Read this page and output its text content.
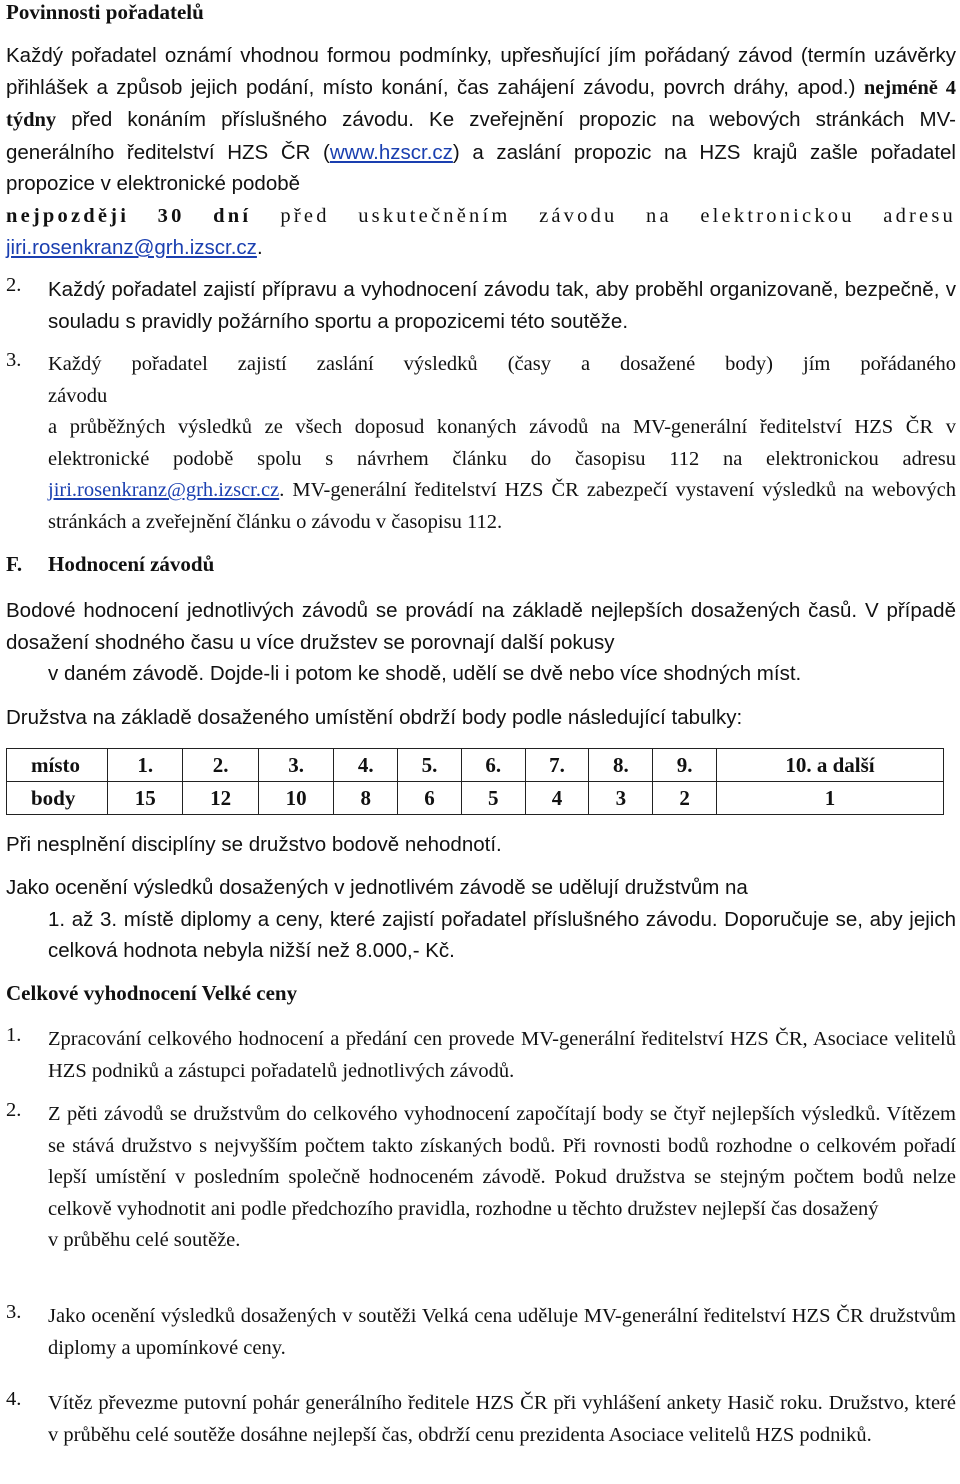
Povinnosti pořadatelů
Každý pořadatel oznámí vhodnou formou podmínky, upřesňující jím pořádaný závod (termín uzávěrky přihlášek a způsob jejich podání, místo konání, čas zahájení závodu, povrch dráhy, apod.) nejméně 4 týdny před konáním příslušného závodu. Ke zveřejnění propozic na webových stránkách MV-generálního ředitelství HZS ČR (www.hzscr.cz) a zaslání propozic na HZS krajů zašle pořadatel propozice v elektronické podobě
nejpozději 30 dní před uskutečněním závodu na elektronickou adresu
jiri.rosenkranz@grh.izscr.cz.
2. Každý pořadatel zajistí přípravu a vyhodnocení závodu tak, aby proběhl organizovaně, bezpečně, v souladu s pravidly požárního sportu a propozicemi této soutěže.
3. Každý pořadatel zajistí zaslání výsledků (časy a dosažené body) jím pořádaného
závodu
a průběžných výsledků ze všech doposud konaných závodů na MV-generální ředitelství HZS ČR v elektronické podobě spolu s návrhem článku do časopisu 112 na elektronickou adresu jiri.rosenkranz@grh.izscr.cz. MV-generální ředitelství HZS ČR zabezpečí vystavení výsledků na webových stránkách a zveřejnění článku o závodu v časopisu 112.
F. Hodnocení závodů
Bodové hodnocení jednotlivých závodů se provádí na základě nejlepších dosažených časů. V případě dosažení shodného času u více družstev se porovnají další pokusy
v daném závodě. Dojde-li i potom ke shodě, udělí se dvě nebo více shodných míst.
Družstva na základě dosaženého umístění obdrží body podle následující tabulky:
místo	1.	2.	3.	4.	5.	6.	7.	8.	9.	10. a další
body	15	12	10	8	6	5	4	3	2	1
Při nesplnění disciplíny se družstvo bodově nehodnotí.
Jako ocenění výsledků dosažených v jednotlivém závodě se udělují družstvům na
1. až 3. místě diplomy a ceny, které zajistí pořadatel příslušného závodu. Doporučuje se, aby jejich celková hodnota nebyla nižší než 8.000,- Kč.
Celkové vyhodnocení Velké ceny
1. Zpracování celkového hodnocení a předání cen provede MV-generální ředitelství HZS ČR, Asociace velitelů HZS podniků a zástupci pořadatelů jednotlivých závodů.
2. Z pěti závodů se družstvům do celkového vyhodnocení započítají body se čtyř nejlepších výsledků. Vítězem se stává družstvo s nejvyšším počtem takto získaných bodů. Při rovnosti bodů rozhodne o celkovém pořadí lepší umístění v posledním společně hodnoceném závodě. Pokud družstva se stejným počtem bodů nelze celkově vyhodnotit ani podle předchozího pravidla, rozhodne u těchto družstev nejlepší čas dosažený
v průběhu celé soutěže.
3. Jako ocenění výsledků dosažených v soutěži Velká cena uděluje MV-generální ředitelství HZS ČR družstvům diplomy a upomínkové ceny.
4. Vítěz převezme putovní pohár generálního ředitele HZS ČR při vyhlášení ankety Hasič roku. Družstvo, které v průběhu celé soutěže dosáhne nejlepší čas, obdrží cenu prezidenta Asociace velitelů HZS podniků.
